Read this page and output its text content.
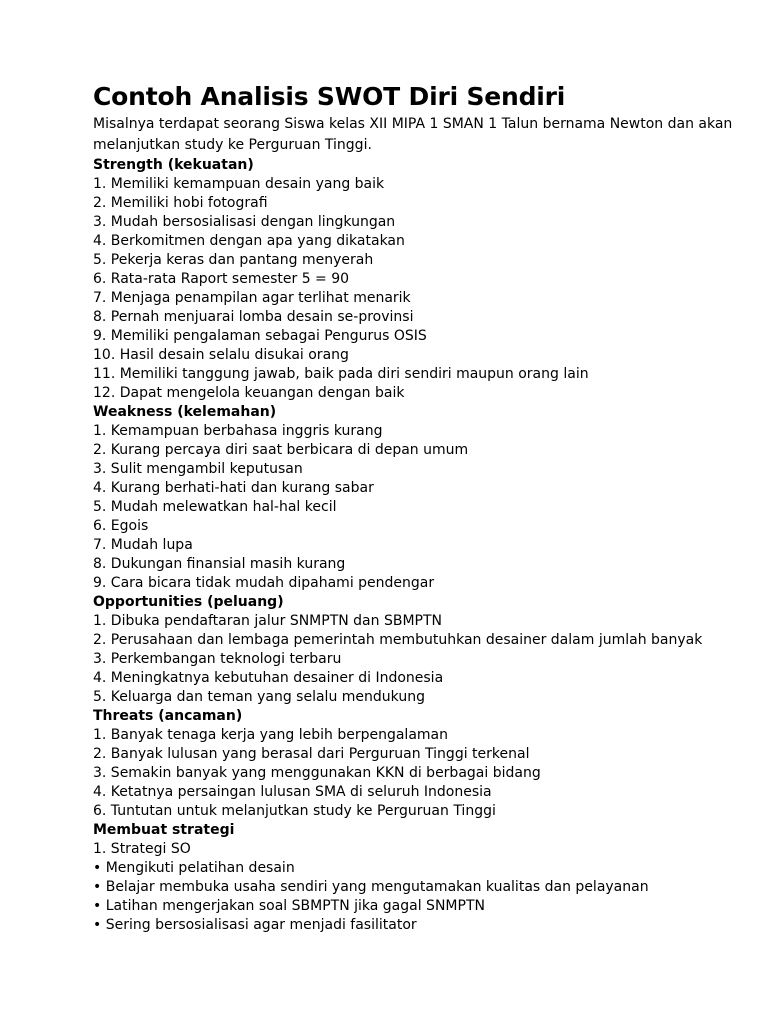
Contoh Analisis SWOT Diri Sendiri

Misalnya terdapat seorang Siswa kelas XII MIPA 1 SMAN 1 Talun bernama Newton dan akan melanjutkan study ke Perguruan Tinggi.

Strength (kekuatan)

1. Memiliki kemampuan desain yang baik

2. Memiliki hobi fotografi

3. Mudah bersosialisasi dengan lingkungan

4. Berkomitmen dengan apa yang dikatakan

5. Pekerja keras dan pantang menyerah

6. Rata-rata Raport semester 5 = 90

7. Menjaga penampilan agar terlihat menarik

8. Pernah menjuarai lomba desain se-provinsi

9. Memiliki pengalaman sebagai Pengurus OSIS

10. Hasil desain selalu disukai orang

11. Memiliki tanggung jawab, baik pada diri sendiri maupun orang lain

12. Dapat mengelola keuangan dengan baik

Weakness (kelemahan)

1. Kemampuan berbahasa inggris kurang

2. Kurang percaya diri saat berbicara di depan umum

3. Sulit mengambil keputusan

4. Kurang berhati-hati dan kurang sabar

5. Mudah melewatkan hal-hal kecil

6. Egois

7. Mudah lupa

8. Dukungan finansial masih kurang

9. Cara bicara tidak mudah dipahami pendengar

Opportunities (peluang)

1. Dibuka pendaftaran jalur SNMPTN dan SBMPTN

2. Perusahaan dan lembaga pemerintah membutuhkan desainer dalam jumlah banyak

3. Perkembangan teknologi terbaru

4. Meningkatnya kebutuhan desainer di Indonesia

5. Keluarga dan teman yang selalu mendukung

Threats (ancaman)

1. Banyak tenaga kerja yang lebih berpengalaman

2. Banyak lulusan yang berasal dari Perguruan Tinggi terkenal

3. Semakin banyak yang menggunakan KKN di berbagai bidang

4. Ketatnya persaingan lulusan SMA di seluruh Indonesia

6. Tuntutan untuk melanjutkan study ke Perguruan Tinggi

Membuat strategi

1. Strategi SO

• Mengikuti pelatihan desain

• Belajar membuka usaha sendiri yang mengutamakan kualitas dan pelayanan

• Latihan mengerjakan soal SBMPTN jika gagal SNMPTN

• Sering bersosialisasi agar menjadi fasilitator
